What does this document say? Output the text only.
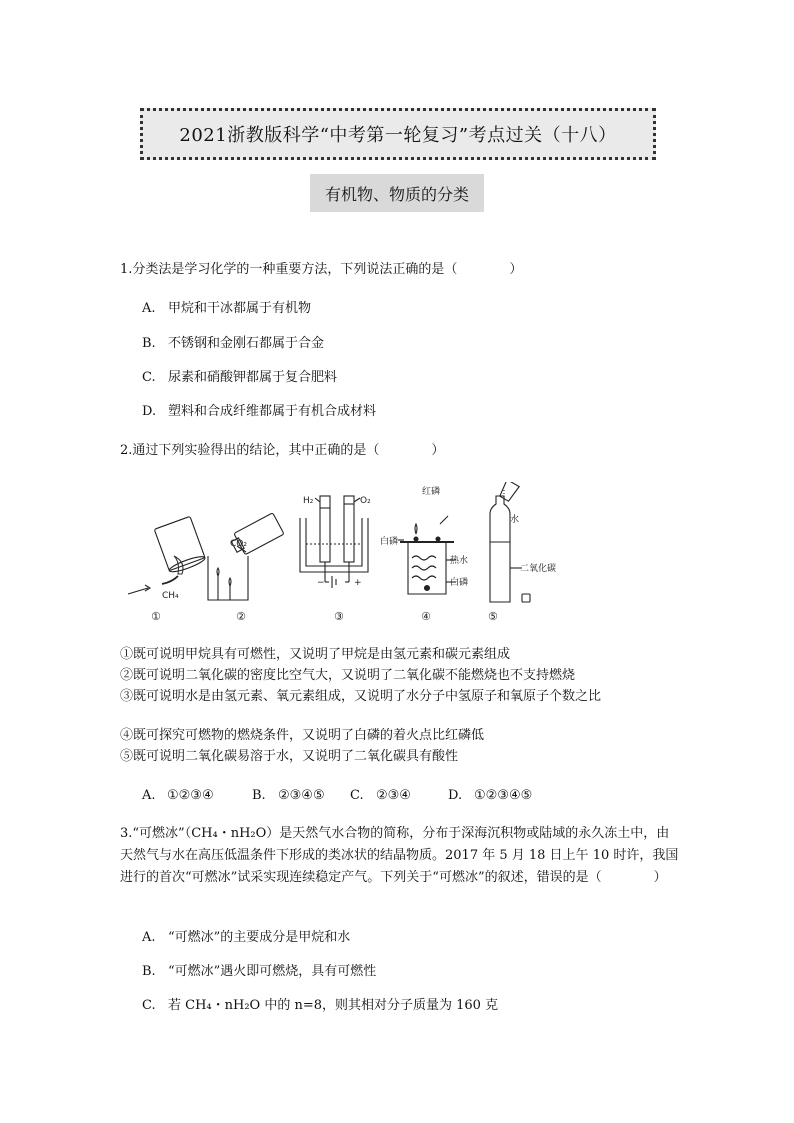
2021浙教版科学“中考第一轮复习”考点过关（十八）
有机物、物质的分类
1.分类法是学习化学的一种重要方法，下列说法正确的是（　　　　）
A. 甲烷和干冰都属于有机物
B. 不锈钢和金刚石都属于合金
C. 尿素和硝酸钾都属于复合肥料
D. 塑料和合成纤维都属于有机合成材料
2.通过下列实验得出的结论，其中正确的是（　　　　）
CO₂
CH₄
H₂	O₂
−	+
红磷
白磷
热水
白磷
水
二氧化碳
①	②	③	④	⑤
①既可说明甲烷具有可燃性，又说明了甲烷是由氢元素和碳元素组成
②既可说明二氧化碳的密度比空气大，又说明了二氧化碳不能燃烧也不支持燃烧
③既可说明水是由氢元素、氧元素组成，又说明了水分子中氢原子和氧原子个数之比
④既可探究可燃物的燃烧条件，又说明了白磷的着火点比红磷低
⑤既可说明二氧化碳易溶于水，又说明了二氧化碳具有酸性
A. ①②③④	B. ②③④⑤ C. ②③④	D. ①②③④⑤
3.“可燃冰”（CH₄・nH₂O）是天然气水合物的简称，分布于深海沉积物或陆域的永久冻土中，由天然气与水在高压低温条件下形成的类冰状的结晶物质。2017 年 5 月 18 日上午 10 时许，我国进行的首次“可燃冰”试采实现连续稳定产气。下列关于“可燃冰”的叙述，错误的是（　　　　）
A. “可燃冰”的主要成分是甲烷和水
B. “可燃冰”遇火即可燃烧，具有可燃性
C. 若 CH₄・nH₂O 中的 n=8，则其相对分子质量为 160 克
